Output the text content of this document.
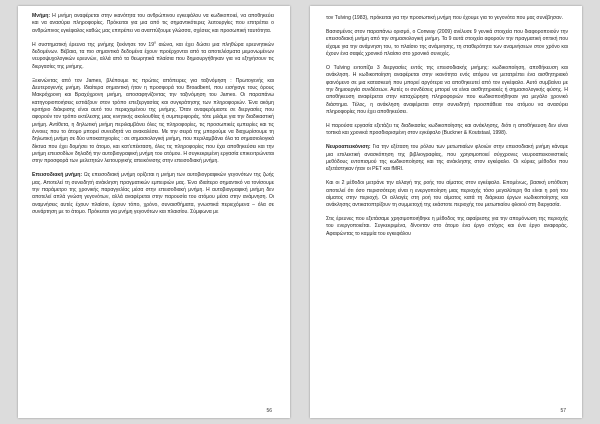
Μνήμη: Η μνήμη αναφέρεται στην ικανότητα του ανθρώπινου εγκεφάλου να κωδικοποιεί, να αποθηκεύει και να ανασύρει πληροφορίες. Πρόκειται για μια από τις σημαντικότερες λειτουργίες που επιτρέπει ο ανθρώπινος εγκέφαλος καθώς μας επιτρέπει να αναπτύξουμε γλώσσα, σχέσεις και προσωπική ταυτότητα.

Η συστηματική έρευνα της μνήμης ξεκίνησε τον $19^o$ αιώνα, και έχει δώσει μια πληθώρα ερευνητικών δεδομένων. Βέβαια, τα πιο σημαντικά δεδομένα έχουν προέρχονται από τα αποτελέσματα μεμονωμένων νευροψυχολογικών ερευνών, αλλά από τα θεωρητικά πλαίσια που δημιουργήθηκαν για να εξηγήσουν τις διεργασίες της μνήμης.

Ξεκινώντας από τον James, βλέπουμε τις πρώτες απόπειρες για ταξινόμηση : Πρωτογενής και Δευτερογενής μνήμη. Ιδιαίτερα σημαντική ήταν η προσφορά του Broadbent, που εισήγαγε τους όρους Μακρόχρονη και Βραχύχρονη μνήμη, αποσαφηνίζοντας την ταξινόμηση του James. Οι παραπάνω κατηγοριοποιήσεις εστιάζουν στον τρόπο επεξεργασίας και συγκράτησης των πληροφοριών. Ένα ακόμη κριτήριο διάκρισης είναι αυτό του περιεχομένου της μνήμης. Όταν αναφερόμαστε σε διεργασίες που αφορούν τον τρόπο εκτέλεσης μιας κινητικής ακολουθίας ή συμπεριφοράς, τότε μιλάμε για την διαδικαστική μνήμη. Αντίθετα, η δηλωτική μνήμη περιλαμβάνει όλες τις πληροφορίες, τις προσωπικές εμπειρίες και τις έννοιες που το άτομο μπορεί συνειδητά να ανακαλέσει. Με την σειρά της μπορούμε να διαχωρίσουμε τη δηλωτική μνήμη σε δύο υποκατηγορίες : σε σημασιολογική μνήμη, που περιλαμβάνει όλα τα σημασιολογικά δίκτυα που έχει δομήσει το άτομο, και κατ'επέκταση, όλες τις πληροφορίες που έχει αποθηκεύσει και την μνήμη επεισοδίων δηλαδή την αυτοβιογραφική μνήμη του ατόμου. Η συγκεκριμένη εργασία επικεντρώνεται στην προσφορά των μελετητών λειτουργικής απεικόνισης στην επεισοδιακή μνήμη.

Επεισοδιακή μνήμη: Ως επεισοδιακή μνήμη ορίζεται η μνήμη των αυτοβιογραφικών γεγονότων της ζωής μας. Αποτελεί τη συνειδητή ανάκληση πραγματικών εμπειριών μας. Ένα ιδιαίτερο σημαντικό να τονίσουμε την παράμετρο της χρονικής παραγγελίας μέσα στην επεισοδιακή μνήμη. Η αυτοβιογραφική μνήμη δεν αποτελεί απλά γνώση γεγονότων, αλλά αναφέρεται στην παρουσία του ατόμου μέσα στην ανάμνηση. Οι αναμνήσεις αυτές έχουν πλαίσιο, έχουν τόπο, χρόνο, συναισθήματα, γνωστικά περιεχόμενα – όλα σε συνάρτηση με το άτομο. Πρόκειται για μνήμη γεγονότων και πλαισίου. Σύμφωνα με

56

τον Tulving (1983), πρόκειται για την προσωπική μνήμη που έχουμε για το γεγονότα που μας συνέβησαν.

Βασισμένος στον παραπάνω ορισμό, ο Conway (2009) ανέλυσε 9 γενικά στοιχεία που διαφοροποιούν την επεισοδιακή μνήμη από την σημασιολογική μνήμη. Τα 9 αυτά στοιχεία αφορούν την πραγματική οπτική που είχαμε για την ανάμνηση του, το πλαίσιο της ανάμνησης, τη σταθερότητα των αναμνήσεων στον χρόνο και έχουν ένα σαφές χρονικό πλαίσιο στο χρονικό συνεχές.

Ο Tulving εντοπίζει 3 διεργασίες εντός της επεισοδιακής μνήμης: κωδικοποίηση, αποθήκευση και ανάκληση. Η κωδικοποίηση αναφέρεται στην ικανότητα ενός ατόμου να μετατρέπει ένα αισθητηριακό φαινόμενο σε μια κατασκευή που μπορεί αργότερα να αποθηκευτεί από τον εγκέφαλο. Αυτό συμβαίνει με την δημιουργία συνδέσεων. Αυτές οι συνδέσεις μπορεί να είναι αισθητηριακές ή σημασιολογικής φύσης. Η αποθήκευση αναφέρεται στην καταχώρηση πληροφοριών που κωδικοποιήθηκαν για μεγάλο χρονικό διάστημα. Τέλος, η ανάκληση αναφέρεται στην συνειδητή προσπάθεια του ατόμου να ανασύρει πληροφορίες που έχει αποθηκεύσει.

Η παρούσα εργασία εξετάζει τις διαδικασίες κωδικοποίησης και ανάκλησης, διότι η αποθήκευση δεν είναι τοπικά και χρονικά προσδιορισμένη στον εγκέφαλο (Buckner & Koutstaal, 1998).

Νευροαπεικόνιση: Για την εξέταση του ρόλου των μετωπιαίων φλοιών στην επεισοδιακή μνήμη κάναμε μια επιλεκτική ανασκόπηση της βιβλιογραφίας, που χρησιμοποιεί σύγχρονες νευροαπεικονιστικές μεθόδους εντοπισμού της κωδικοποίησης και της ανάκλησης στον εγκέφαλο. Οι κύριες μέθοδοι που εξετάστηκαν ήταν οι PET και fMRI.

Και οι 2 μέθοδοι μετράνε την αλλαγή της ροής του αίματος στον εγκέφαλο. Επομένως, βασική υπόθεση αποτελεί ότι όσο περισσότερη είναι η ενεργοποίηση μιας περιοχής τόσο μεγαλύτερη θα είναι η ροή του αίματος στην περιοχή. Οι αλλαγές στη ροή του αίματος κατά τη διάρκεια έργων κωδικοποίησης και ανάκλησης αντικατοπτρίζουν τη συμμετοχή της εκάστοτε περιοχής του μετωπιαίου φλοιού στη διεργασία.

Στις έρευνες που εξετάσαμε χρησιμοποιήθηκε η μέθοδος της αφαίρεσης για την απομόνωση της περιοχής του ενεργοποιείται. Συγκεκριμένα, δίνονταν στο άτομο ένα έργο στόχος και ένα έργο αναφοράς. Αφαιρώντας το καμμία του εγκεφάλου

57
